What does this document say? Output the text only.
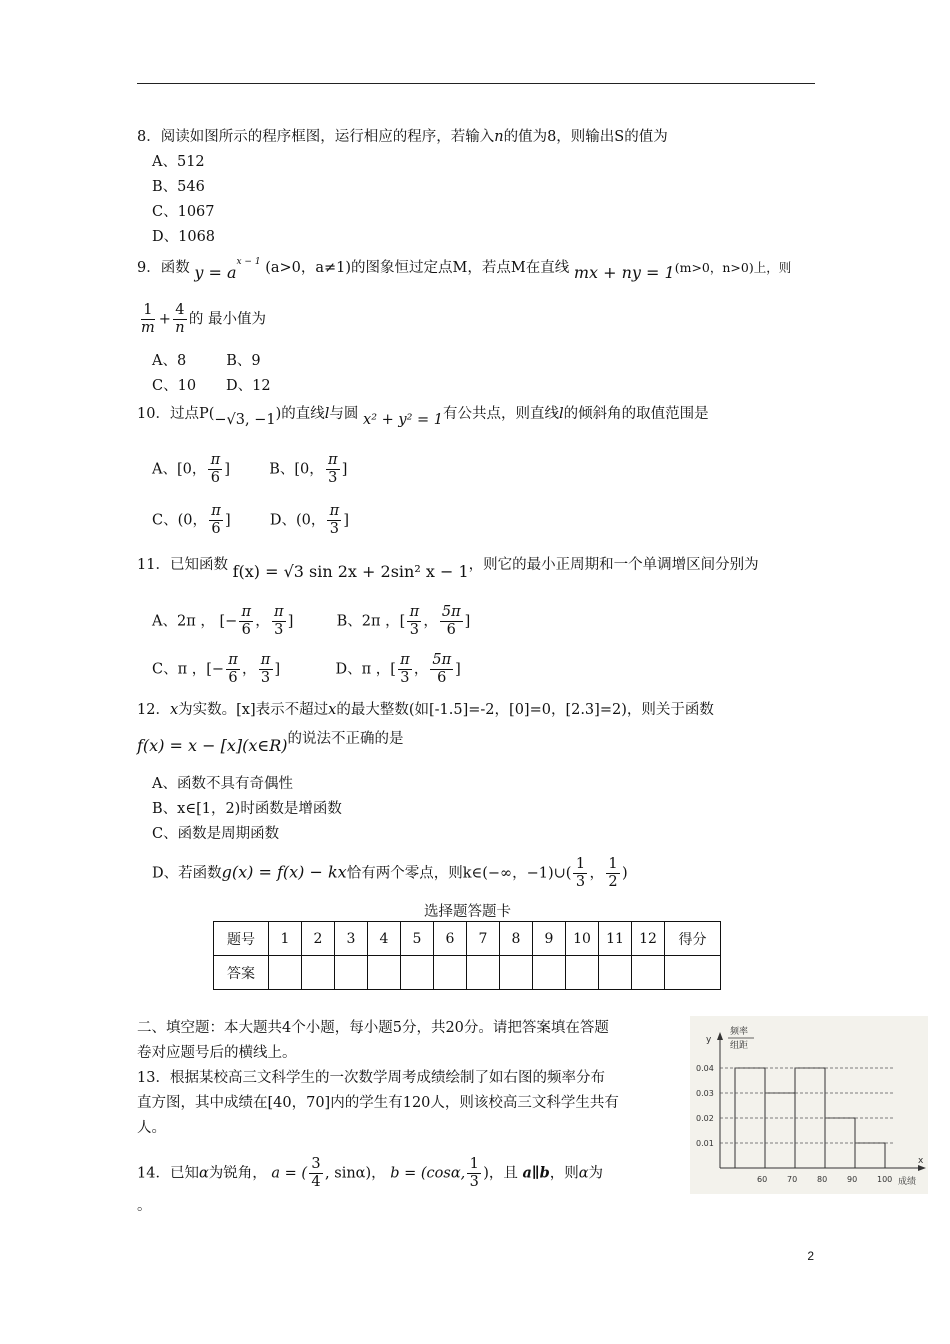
8．阅读如图所示的程序框图，运行相应的程序，若输入n的值为8，则输出S的值为
A、512
B、546
C、1067
D、1068
9．函数 $y = a^{x - 1}$ (a>0，a≠1)的图象恒过定点M，若点M在直线 mx + ny = 1(m>0，n>0)上，则
$\frac{1}{m} + \frac{4}{n}$ 的 最小值为
A、8	B、9
C、10 D、12
10．过点P(−√3, −1)的直线l与圆 x² + y² = 1有公共点，则直线l的倾斜角的取值范围是
A、[0， $\frac{\pi}{6}$ ]	B、[0， $\frac{\pi}{3}$ ]
C、(0， $\frac{\pi}{6}$ ]	D、(0， $\frac{\pi}{3}$ ]
11．已知函数 f(x) = √3 sin 2x + 2sin² x − 1，则它的最小正周期和一个单调增区间分别为
A、2π ， [− $\frac{\pi}{6}$ ， $\frac{\pi}{3}$ ]	B、2π ，[ $\frac{\pi}{3}$ ， $\frac{5\pi}{6}$ ]
C、π ，[− $\frac{\pi}{6}$ ， $\frac{\pi}{3}$ ]	D、π ，[ $\frac{\pi}{3}$ ， $\frac{5\pi}{6}$ ]
12．x为实数。[x]表示不超过x的最大整数(如[-1.5]=-2，[0]=0，[2.3]=2)，则关于函数
f(x) = x − [x](x∈R)的说法不正确的是
A、函数不具有奇偶性
B、x∈[1，2)时函数是增函数
C、函数是周期函数
D、若函数g(x) = f(x) − kx恰有两个零点，则k∈(−∞，−1)∪( $\frac{1}{3}$ ， $\frac{1}{2}$ )
选择题答题卡
题号	1	2	3	4	5	6	7	8	9	10	11	12	得分
答案													
二、填空题：本大题共4个小题，每小题5分，共20分。请把答案填在答题
卷对应题号后的横线上。
13．根据某校高三文科学生的一次数学周考成绩绘制了如右图的频率分布
直方图，其中成绩在[40，70]内的学生有120人，则该校高三文科学生共有
人。
14．已知α为锐角， a = ( $\frac{3}{4}$ , sinα)， b = (cosα, $\frac{1}{3}$ )，且 a∥b，则α为
。
y
x
频率
组距
成绩
0.04
0.03
0.02
0.01
60 70 80 90 100
2
